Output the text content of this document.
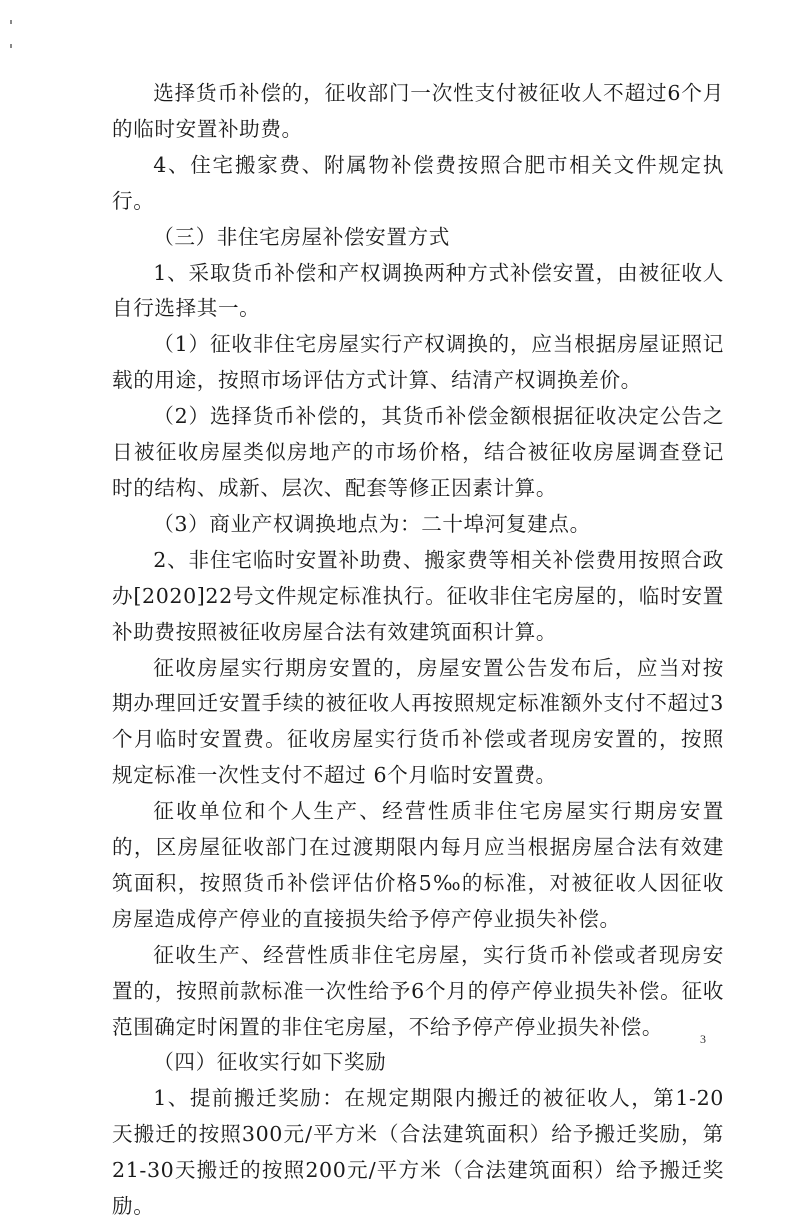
选择货币补偿的，征收部门一次性支付被征收人不超过6个月的临时安置补助费。

4、住宅搬家费、附属物补偿费按照合肥市相关文件规定执行。

（三）非住宅房屋补偿安置方式

1、采取货币补偿和产权调换两种方式补偿安置，由被征收人自行选择其一。

（1）征收非住宅房屋实行产权调换的，应当根据房屋证照记载的用途，按照市场评估方式计算、结清产权调换差价。

（2）选择货币补偿的，其货币补偿金额根据征收决定公告之日被征收房屋类似房地产的市场价格，结合被征收房屋调查登记时的结构、成新、层次、配套等修正因素计算。

（3）商业产权调换地点为：二十埠河复建点。

2、非住宅临时安置补助费、搬家费等相关补偿费用按照合政办[2020]22号文件规定标准执行。征收非住宅房屋的，临时安置补助费按照被征收房屋合法有效建筑面积计算。

征收房屋实行期房安置的，房屋安置公告发布后，应当对按期办理回迁安置手续的被征收人再按照规定标准额外支付不超过3个月临时安置费。征收房屋实行货币补偿或者现房安置的，按照规定标准一次性支付不超过 6个月临时安置费。

征收单位和个人生产、经营性质非住宅房屋实行期房安置的，区房屋征收部门在过渡期限内每月应当根据房屋合法有效建筑面积，按照货币补偿评估价格5‰的标准，对被征收人因征收房屋造成停产停业的直接损失给予停产停业损失补偿。

征收生产、经营性质非住宅房屋，实行货币补偿或者现房安置的，按照前款标准一次性给予6个月的停产停业损失补偿。征收范围确定时闲置的非住宅房屋，不给予停产停业损失补偿。

（四）征收实行如下奖励

1、提前搬迁奖励：在规定期限内搬迁的被征收人，第1-20天搬迁的按照300元/平方米（合法建筑面积）给予搬迁奖励，第21-30天搬迁的按照200元/平方米（合法建筑面积）给予搬迁奖励。

3
